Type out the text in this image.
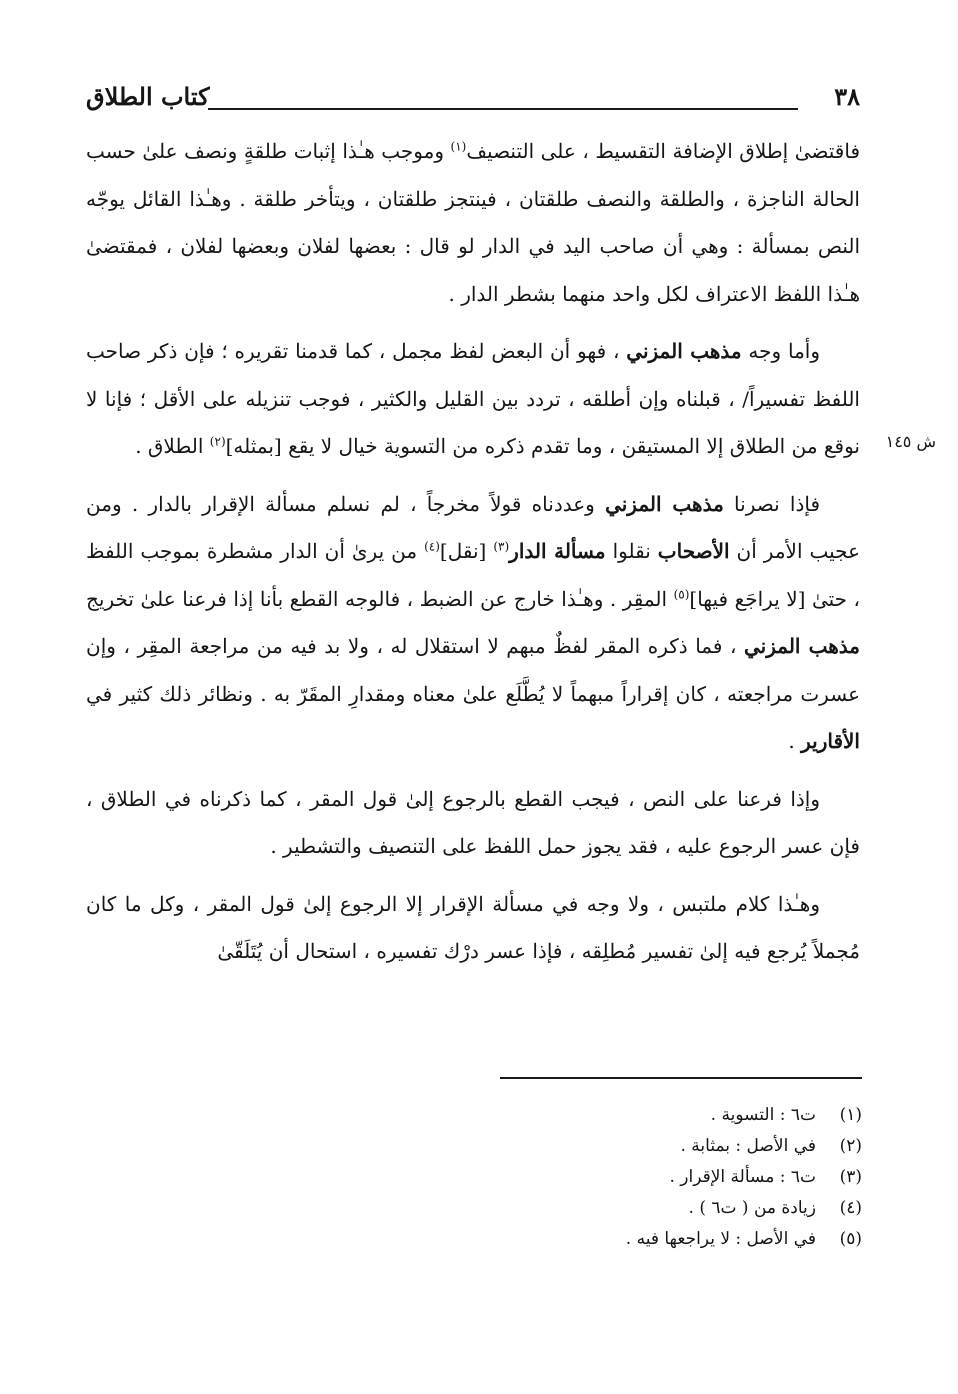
٣٨
كتاب الطلاق
ش ١٤٥

فاقتضىٰ إطلاق الإضافة التقسيط ، على التنصيف$^{(١)}$ وموجب هـٰذا إثبات طلقةٍ ونصف علىٰ حسب الحالة الناجزة ، والطلقة والنصف طلقتان ، فينتجز طلقتان ، ويتأخر طلقة . وهـٰذا القائل يوجّه النص بمسألة : وهي أن صاحب اليد في الدار لو قال : بعضها لفلان وبعضها لفلان ، فمقتضىٰ هـٰذا اللفظ الاعتراف لكل واحد منهما بشطر الدار .

وأما وجه مذهب المزني ، فهو أن البعض لفظ مجمل ، كما قدمنا تقريره ؛ فإن ذكر صاحب اللفظ تفسيراً/ ، قبلناه وإن أطلقه ، تردد بين القليل والكثير ، فوجب تنزيله على الأقل ؛ فإنا لا نوقع من الطلاق إلا المستيقن ، وما تقدم ذكره من التسوية خيال لا يقع [بمثله]$^{(٢)}$ الطلاق .

فإذا نصرنا مذهب المزني وعددناه قولاً مخرجاً ، لم نسلم مسألة الإقرار بالدار . ومن عجيب الأمر أن الأصحاب نقلوا مسألة الدار$^{(٣)}$ [نقل]$^{(٤)}$ من يرىٰ أن الدار مشطرة بموجب اللفظ ، حتىٰ [لا يراجَع فيها]$^{(٥)}$ المقِر . وهـٰذا خارج عن الضبط ، فالوجه القطع بأنا إذا فرعنا علىٰ تخريج مذهب المزني ، فما ذكره المقر لفظٌ مبهم لا استقلال له ، ولا بد فيه من مراجعة المقِر ، وإن عسرت مراجعته ، كان إقراراً مبهماً لا يُطَّلَع علىٰ معناه ومقدارِ المقَرّ به . ونظائر ذلك كثير في الأقارير .

وإذا فرعنا على النص ، فيجب القطع بالرجوع إلىٰ قول المقر ، كما ذكرناه في الطلاق ، فإن عسر الرجوع عليه ، فقد يجوز حمل اللفظ على التنصيف والتشطير .

وهـٰذا كلام ملتبس ، ولا وجه في مسألة الإقرار إلا الرجوع إلىٰ قول المقر ، وكل ما كان مُجملاً يُرجع فيه إلىٰ تفسير مُطلِقه ، فإذا عسر درْك تفسيره ، استحال أن يُتَلَقّىٰ

(١)ت٦ : التسوية .
(٢)في الأصل : بمثابة .
(٣)ت٦ : مسألة الإقرار .
(٤)زيادة من ( ت٦ ) .
(٥)في الأصل : لا يراجعها فيه .
